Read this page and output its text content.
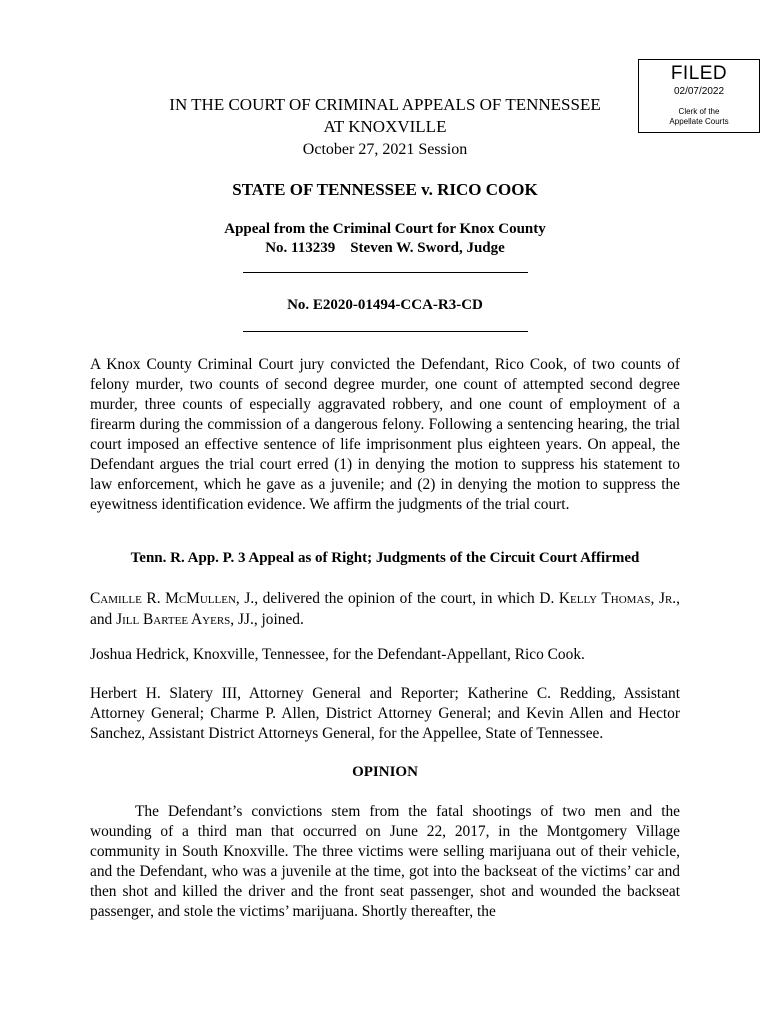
FILED
02/07/2022
Clerk of the
Appellate Courts
IN THE COURT OF CRIMINAL APPEALS OF TENNESSEE
AT KNOXVILLE
October 27, 2021 Session
STATE OF TENNESSEE v. RICO COOK
Appeal from the Criminal Court for Knox County
No. 113239    Steven W. Sword, Judge
No. E2020-01494-CCA-R3-CD
A Knox County Criminal Court jury convicted the Defendant, Rico Cook, of two counts of felony murder, two counts of second degree murder, one count of attempted second degree murder, three counts of especially aggravated robbery, and one count of employment of a firearm during the commission of a dangerous felony. Following a sentencing hearing, the trial court imposed an effective sentence of life imprisonment plus eighteen years. On appeal, the Defendant argues the trial court erred (1) in denying the motion to suppress his statement to law enforcement, which he gave as a juvenile; and (2) in denying the motion to suppress the eyewitness identification evidence. We affirm the judgments of the trial court.
Tenn. R. App. P. 3 Appeal as of Right; Judgments of the Circuit Court Affirmed
Camille R. McMullen, J., delivered the opinion of the court, in which D. Kelly Thomas, Jr., and Jill Bartee Ayers, JJ., joined.
Joshua Hedrick, Knoxville, Tennessee, for the Defendant-Appellant, Rico Cook.
Herbert H. Slatery III, Attorney General and Reporter; Katherine C. Redding, Assistant Attorney General; Charme P. Allen, District Attorney General; and Kevin Allen and Hector Sanchez, Assistant District Attorneys General, for the Appellee, State of Tennessee.
OPINION
The Defendant’s convictions stem from the fatal shootings of two men and the wounding of a third man that occurred on June 22, 2017, in the Montgomery Village community in South Knoxville. The three victims were selling marijuana out of their vehicle, and the Defendant, who was a juvenile at the time, got into the backseat of the victims’ car and then shot and killed the driver and the front seat passenger, shot and wounded the backseat passenger, and stole the victims’ marijuana. Shortly thereafter, the
